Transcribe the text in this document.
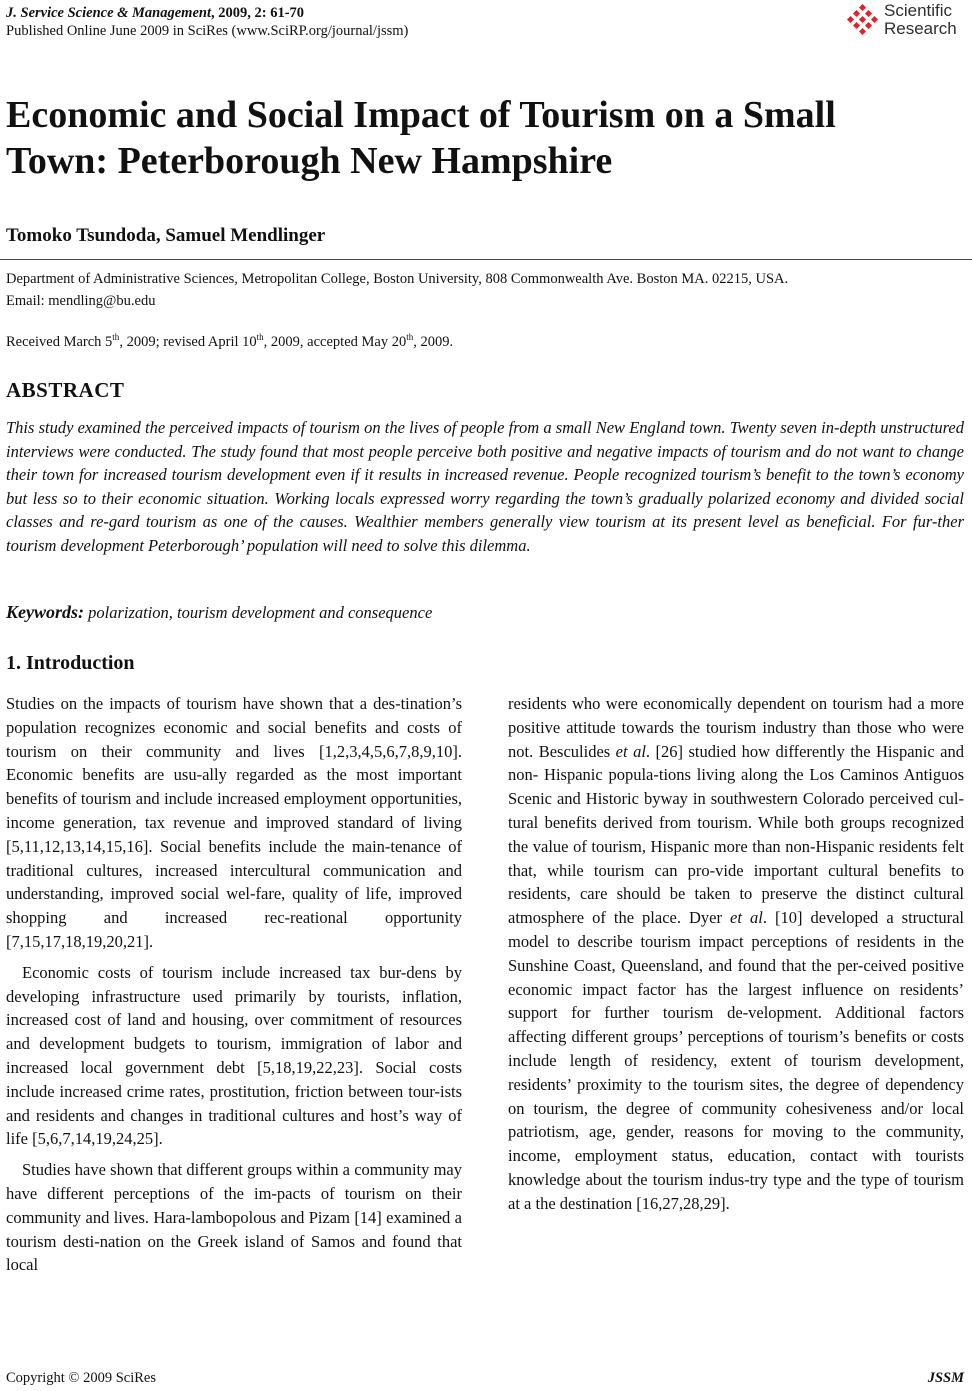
J. Service Science & Management, 2009, 2: 61-70
Published Online June 2009 in SciRes (www.SciRP.org/journal/jssm)
Scientific
Research
Economic and Social Impact of Tourism on a Small Town: Peterborough New Hampshire
Tomoko Tsundoda, Samuel Mendlinger
Department of Administrative Sciences, Metropolitan College, Boston University, 808 Commonwealth Ave. Boston MA. 02215, USA.
Email: mendling@bu.edu
Received March 5th, 2009; revised April 10th, 2009, accepted May 20th, 2009.
ABSTRACT

This study examined the perceived impacts of tourism on the lives of people from a small New England town. Twenty seven in-depth unstructured interviews were conducted. The study found that most people perceive both positive and negative impacts of tourism and do not want to change their town for increased tourism development even if it results in increased revenue. People recognized tourism’s benefit to the town’s economy but less so to their economic situation. Working locals expressed worry regarding the town’s gradually polarized economy and divided social classes and re-gard tourism as one of the causes. Wealthier members generally view tourism at its present level as beneficial. For fur-ther tourism development Peterborough’ population will need to solve this dilemma.

Keywords: polarization, tourism development and consequence
1. Introduction

Studies on the impacts of tourism have shown that a des-tination’s population recognizes economic and social benefits and costs of tourism on their community and lives [1,2,3,4,5,6,7,8,9,10]. Economic benefits are usu-ally regarded as the most important benefits of tourism and include increased employment opportunities, income generation, tax revenue and improved standard of living [5,11,12,13,14,15,16]. Social benefits include the main-tenance of traditional cultures, increased intercultural communication and understanding, improved social wel-fare, quality of life, improved shopping and increased rec-reational opportunity [7,15,17,18,19,20,21].

Economic costs of tourism include increased tax bur-dens by developing infrastructure used primarily by tourists, inflation, increased cost of land and housing, over commitment of resources and development budgets to tourism, immigration of labor and increased local government debt [5,18,19,22,23]. Social costs include increased crime rates, prostitution, friction between tour-ists and residents and changes in traditional cultures and host’s way of life [5,6,7,14,19,24,25].

Studies have shown that different groups within a community may have different perceptions of the im-pacts of tourism on their community and lives. Hara-lambopolous and Pizam [14] examined a tourism desti-nation on the Greek island of Samos and found that local

residents who were economically dependent on tourism had a more positive attitude towards the tourism industry than those who were not. Besculides et al. [26] studied how differently the Hispanic and non- Hispanic popula-tions living along the Los Caminos Antiguos Scenic and Historic byway in southwestern Colorado perceived cul-tural benefits derived from tourism. While both groups recognized the value of tourism, Hispanic more than non-Hispanic residents felt that, while tourism can pro-vide important cultural benefits to residents, care should be taken to preserve the distinct cultural atmosphere of the place. Dyer et al. [10] developed a structural model to describe tourism impact perceptions of residents in the Sunshine Coast, Queensland, and found that the per-ceived positive economic impact factor has the largest influence on residents’ support for further tourism de-velopment. Additional factors affecting different groups’ perceptions of tourism’s benefits or costs include length of residency, extent of tourism development, residents’ proximity to the tourism sites, the degree of dependency on tourism, the degree of community cohesiveness and/or local patriotism, age, gender, reasons for moving to the community, income, employment status, education, contact with tourists knowledge about the tourism indus-try type and the type of tourism at a the destination [16,27,28,29].

Copyright © 2009 SciRes	JSSM
